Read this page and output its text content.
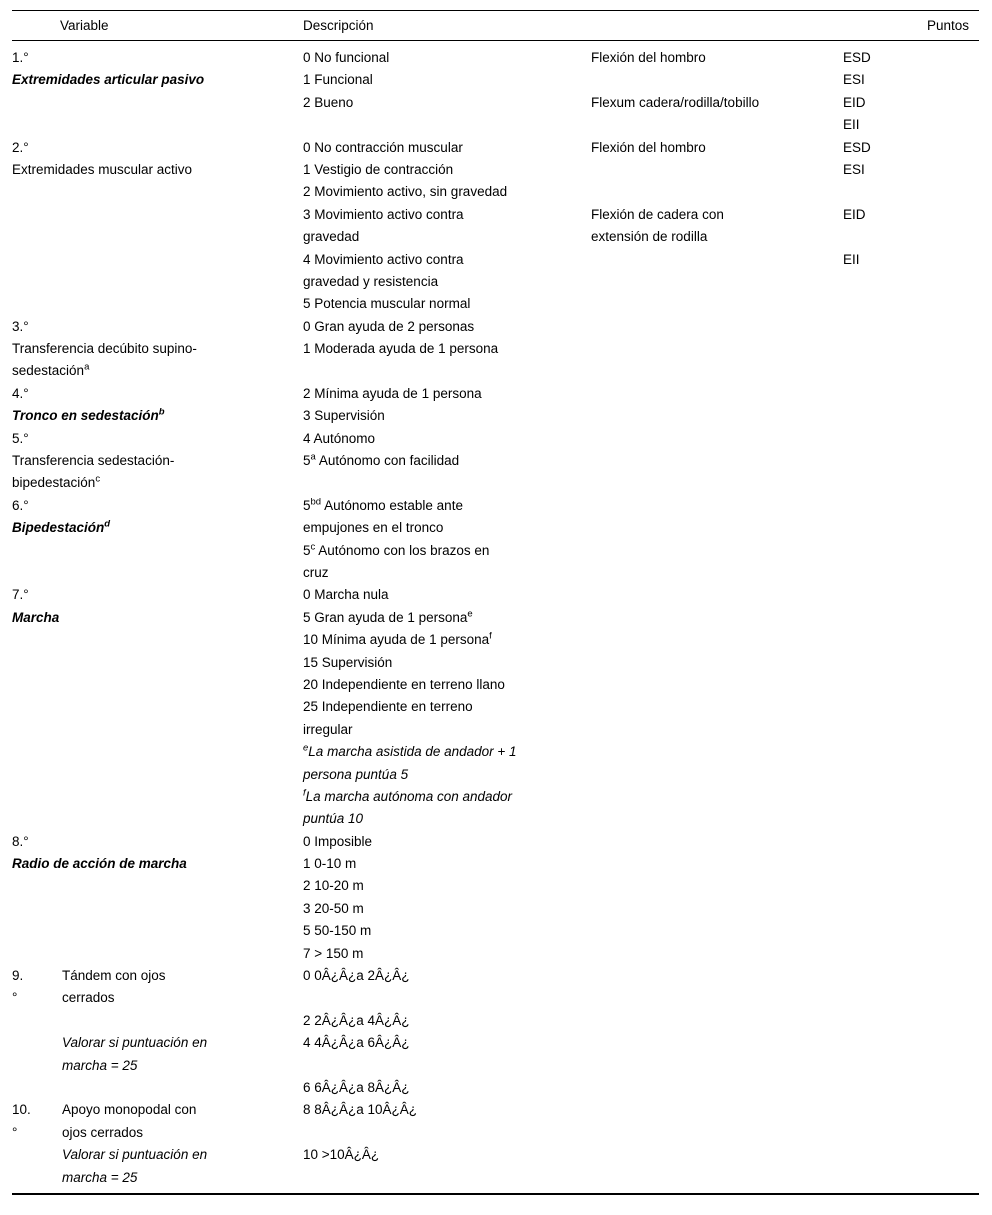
Variable	Descripción	Puntos
1.°
Extremidades articular pasivo
0 No funcional
1 Funcional
2 Bueno
Flexión del hombro

Flexum cadera/rodilla/tobillo
ESD
ESI
EID
EII
2.°
Extremidades muscular activo
0 No contracción muscular
1 Vestigio de contracción
2 Movimiento activo, sin gravedad
3 Movimiento activo contra
gravedad
4 Movimiento activo contra
gravedad y resistencia
5 Potencia muscular normal
Flexión del hombro

Flexión de cadera con
extensión de rodilla
ESD
ESI

EID

EII
3.°
Transferencia decúbito supino-
sedestación$^a$
0 Gran ayuda de 2 personas
1 Moderada ayuda de 1 persona
4.°
Tronco en sedestación$^b$
2 Mínima ayuda de 1 persona
3 Supervisión
5.°
Transferencia sedestación-
bipedestación$^c$
4 Autónomo
5$^a$ Autónomo con facilidad
6.°
Bipedestación$^d$
$5^{bd}$ Autónomo estable ante
empujones en el tronco
5$^c$ Autónomo con los brazos en
cruz
7.°
Marcha
0 Marcha nula
5 Gran ayuda de 1 persona$^e$
10 Mínima ayuda de 1 persona$^f$
15 Supervisión
20 Independiente en terreno llano
25 Independiente en terreno
irregular
$^e$La marcha asistida de andador + 1
persona puntúa 5
$^f$La marcha autónoma con andador
puntúa 10
8.°
Radio de acción de marcha
0 Imposible
1 0-10 m
2 10-20 m
3 20-50 m
5 50-150 m
7 > 150 m
9.
°
Tándem con ojos
cerrados

Valorar si puntuación en
marcha = 25
0 0Â¿Â¿a 2Â¿Â¿

2 2Â¿Â¿a 4Â¿Â¿
4 4Â¿Â¿a 6Â¿Â¿

6 6Â¿Â¿a 8Â¿Â¿
10.
°
Apoyo monopodal con
ojos cerrados
Valorar si puntuación en
marcha = 25
8 8Â¿Â¿a 10Â¿Â¿

10 >10Â¿Â¿
